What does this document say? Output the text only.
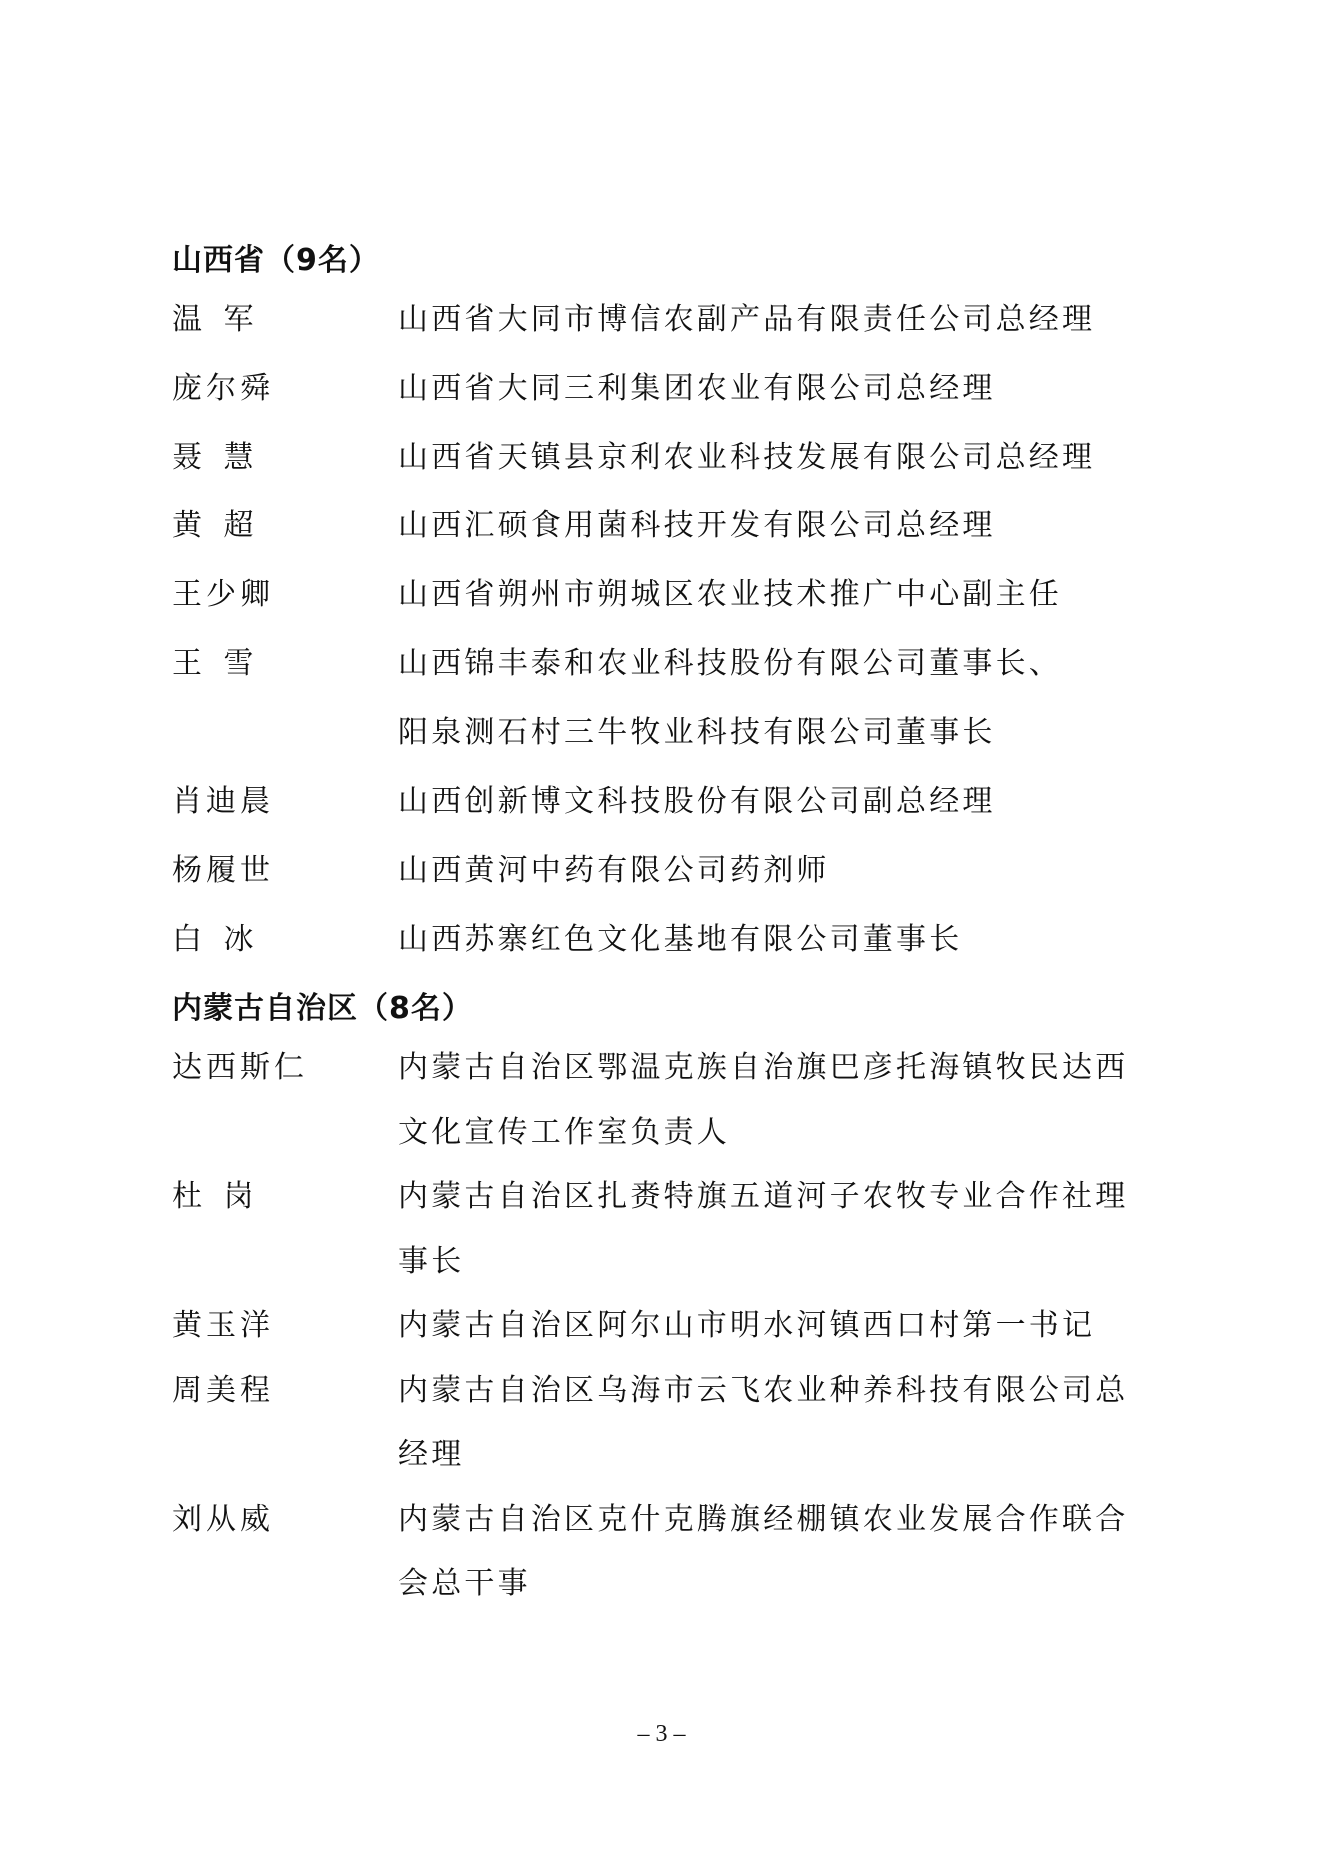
山西省（9名）
温 军	山西省大同市博信农副产品有限责任公司总经理
庞尔舜	山西省大同三利集团农业有限公司总经理
聂 慧	山西省天镇县京利农业科技发展有限公司总经理
黄 超	山西汇硕食用菌科技开发有限公司总经理
王少卿	山西省朔州市朔城区农业技术推广中心副主任
王 雪	山西锦丰泰和农业科技股份有限公司董事长、
阳泉测石村三牛牧业科技有限公司董事长
肖迪晨	山西创新博文科技股份有限公司副总经理
杨履世	山西黄河中药有限公司药剂师
白 冰	山西苏寨红色文化基地有限公司董事长
内蒙古自治区（8名）
达西斯仁	内蒙古自治区鄂温克族自治旗巴彦托海镇牧民达西
文化宣传工作室负责人
杜 岗	内蒙古自治区扎赉特旗五道河子农牧专业合作社理
事长
黄玉洋	内蒙古自治区阿尔山市明水河镇西口村第一书记
周美程	内蒙古自治区乌海市云飞农业种养科技有限公司总
经理
刘从威	内蒙古自治区克什克腾旗经棚镇农业发展合作联合
会总干事
– 3 –
